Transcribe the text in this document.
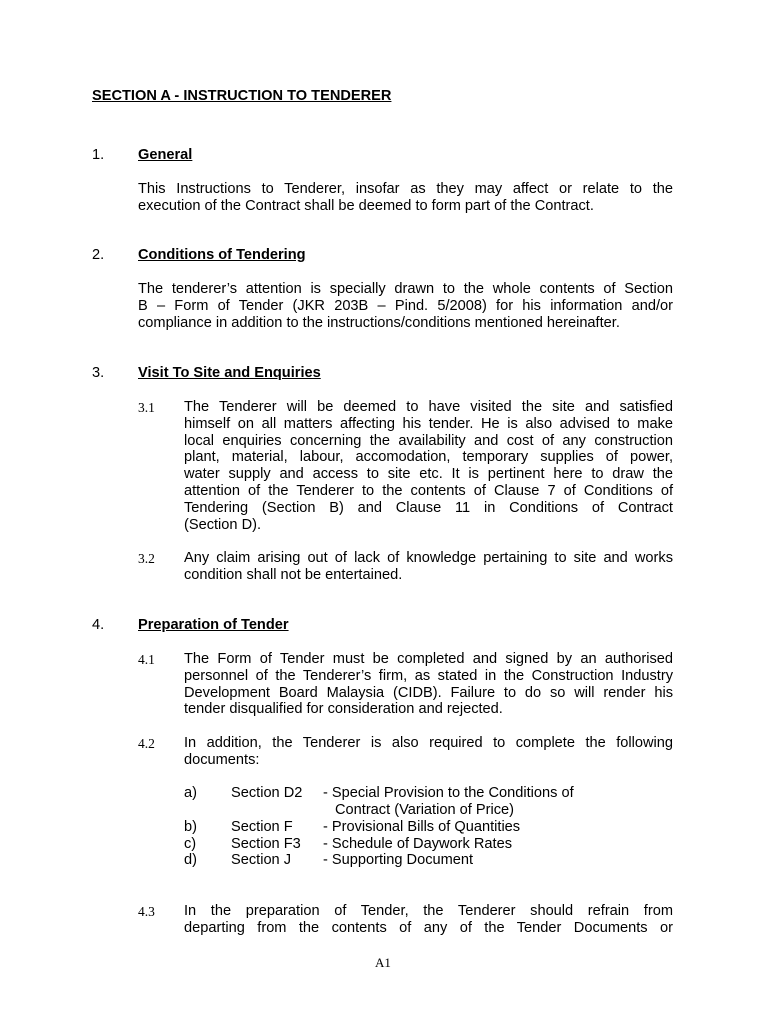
SECTION A - INSTRUCTION TO TENDERER
1. General
This Instructions to Tenderer, insofar as they may affect or relate to the
execution of the Contract shall be deemed to form part of the Contract.
2. Conditions of Tendering
The tenderer’s attention is specially drawn to the whole contents of Section
B – Form of Tender (JKR 203B – Pind. 5/2008) for his information and/or
compliance in addition to the instructions/conditions mentioned hereinafter.
3. Visit To Site and Enquiries
3.1 The Tenderer will be deemed to have visited the site and satisfied
himself on all matters affecting his tender. He is also advised to make
local enquiries concerning the availability and cost of any construction
plant, material, labour, accomodation, temporary supplies of power,
water supply and access to site etc. It is pertinent here to draw the
attention of the Tenderer to the contents of Clause 7 of Conditions of
Tendering (Section B) and Clause 11 in Conditions of Contract
(Section D).
3.2 Any claim arising out of lack of knowledge pertaining to site and works
condition shall not be entertained.
4. Preparation of Tender
4.1 The Form of Tender must be completed and signed by an authorised
personnel of the Tenderer’s firm, as stated in the Construction Industry
Development Board Malaysia (CIDB). Failure to do so will render his
tender disqualified for consideration and rejected.
4.2 In addition, the Tenderer is also required to complete the following
documents:
a) Section D2 - Special Provision to the Conditions of
Contract (Variation of Price)
b) Section F - Provisional Bills of Quantities
c) Section F3 - Schedule of Daywork Rates
d) Section J - Supporting Document
4.3 In the preparation of Tender, the Tenderer should refrain from
departing from the contents of any of the Tender Documents or
A1
